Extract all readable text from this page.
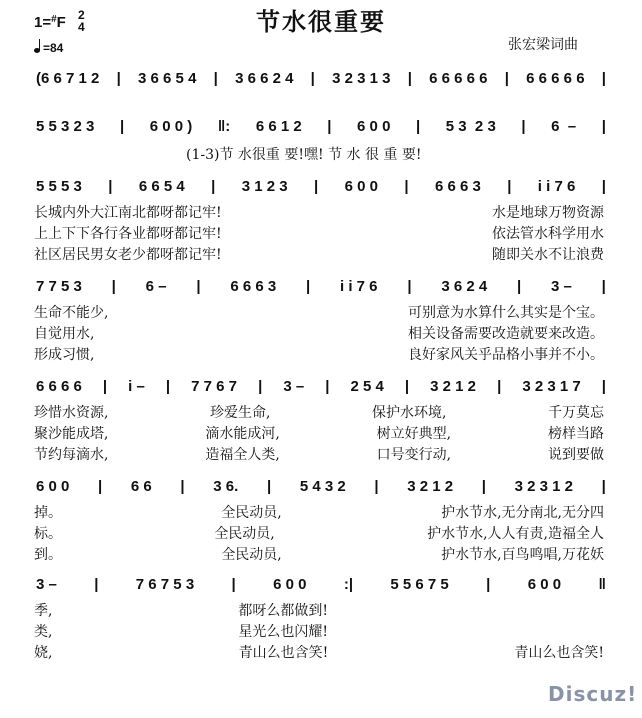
节水很重要
张宏梁词曲
1=#F 2
4
=84
(6 6 7 1 2 | 3 6 6 5 4 | 3 6 6 2 4 | 3 2 3 1 3 | 6 6 6 6 6 | 6 6 6 6 6 |
5 5 3 2 3 | 6 0 0 ) ‖: 6 6 1 2 | 6 0 0 | 5 3  2 3 | 6  – |
(1-3)节 水很重 要!嘿! 节 水 很 重 要!
5 5 5 3 | 6 6 5 4 | 3 1 2 3 | 6 0 0 | 6 6 6 3 | i i 7 6 |
长城内外大江南北都呀都记牢!	水是地球万物资源
上上下下各行各业都呀都记牢!	依法管水科学用水
社区居民男女老少都呀都记牢!	随即关水不让浪费
7 7 5 3 | 6 – | 6 6 6 3 | i i 7 6 | 3 6 2 4 | 3 – |
生命不能少,	可别意为水算什么其实是个宝。
自觉用水,	相关设备需要改造就要来改造。
形成习惯,	良好家风关乎品格小事并不小。
6 6 6 6 | i – | 7 7 6 7 | 3 – | 2 5 4 | 3 2 1 2 | 3 2 3 1 7 |
珍惜水资源,	珍爱生命,	保护水环境,	千万莫忘
聚沙能成塔,	滴水能成河,	树立好典型,	榜样当路
节约每滴水,	造福全人类,	口号变行动,	说到要做
6 0 0 | 6 6 | 3 6. | 5 4 3 2 | 3 2 1 2 | 3 2 3 1 2 |
掉。	全民动员,	护水节水,无分南北,无分四
标。	全民动员,	护水节水,人人有责,造福全人
到。	全民动员,	护水节水,百鸟鸣唱,万花妖
3 – | 7 6 7 5 3 | 6 0 0 :| 5 5 6 7 5 | 6 0 0 ‖
季,	都呀么都做到!
类,	星光么也闪耀!
娆,	青山么也含笑!	青山么也含笑!
Discuz!
